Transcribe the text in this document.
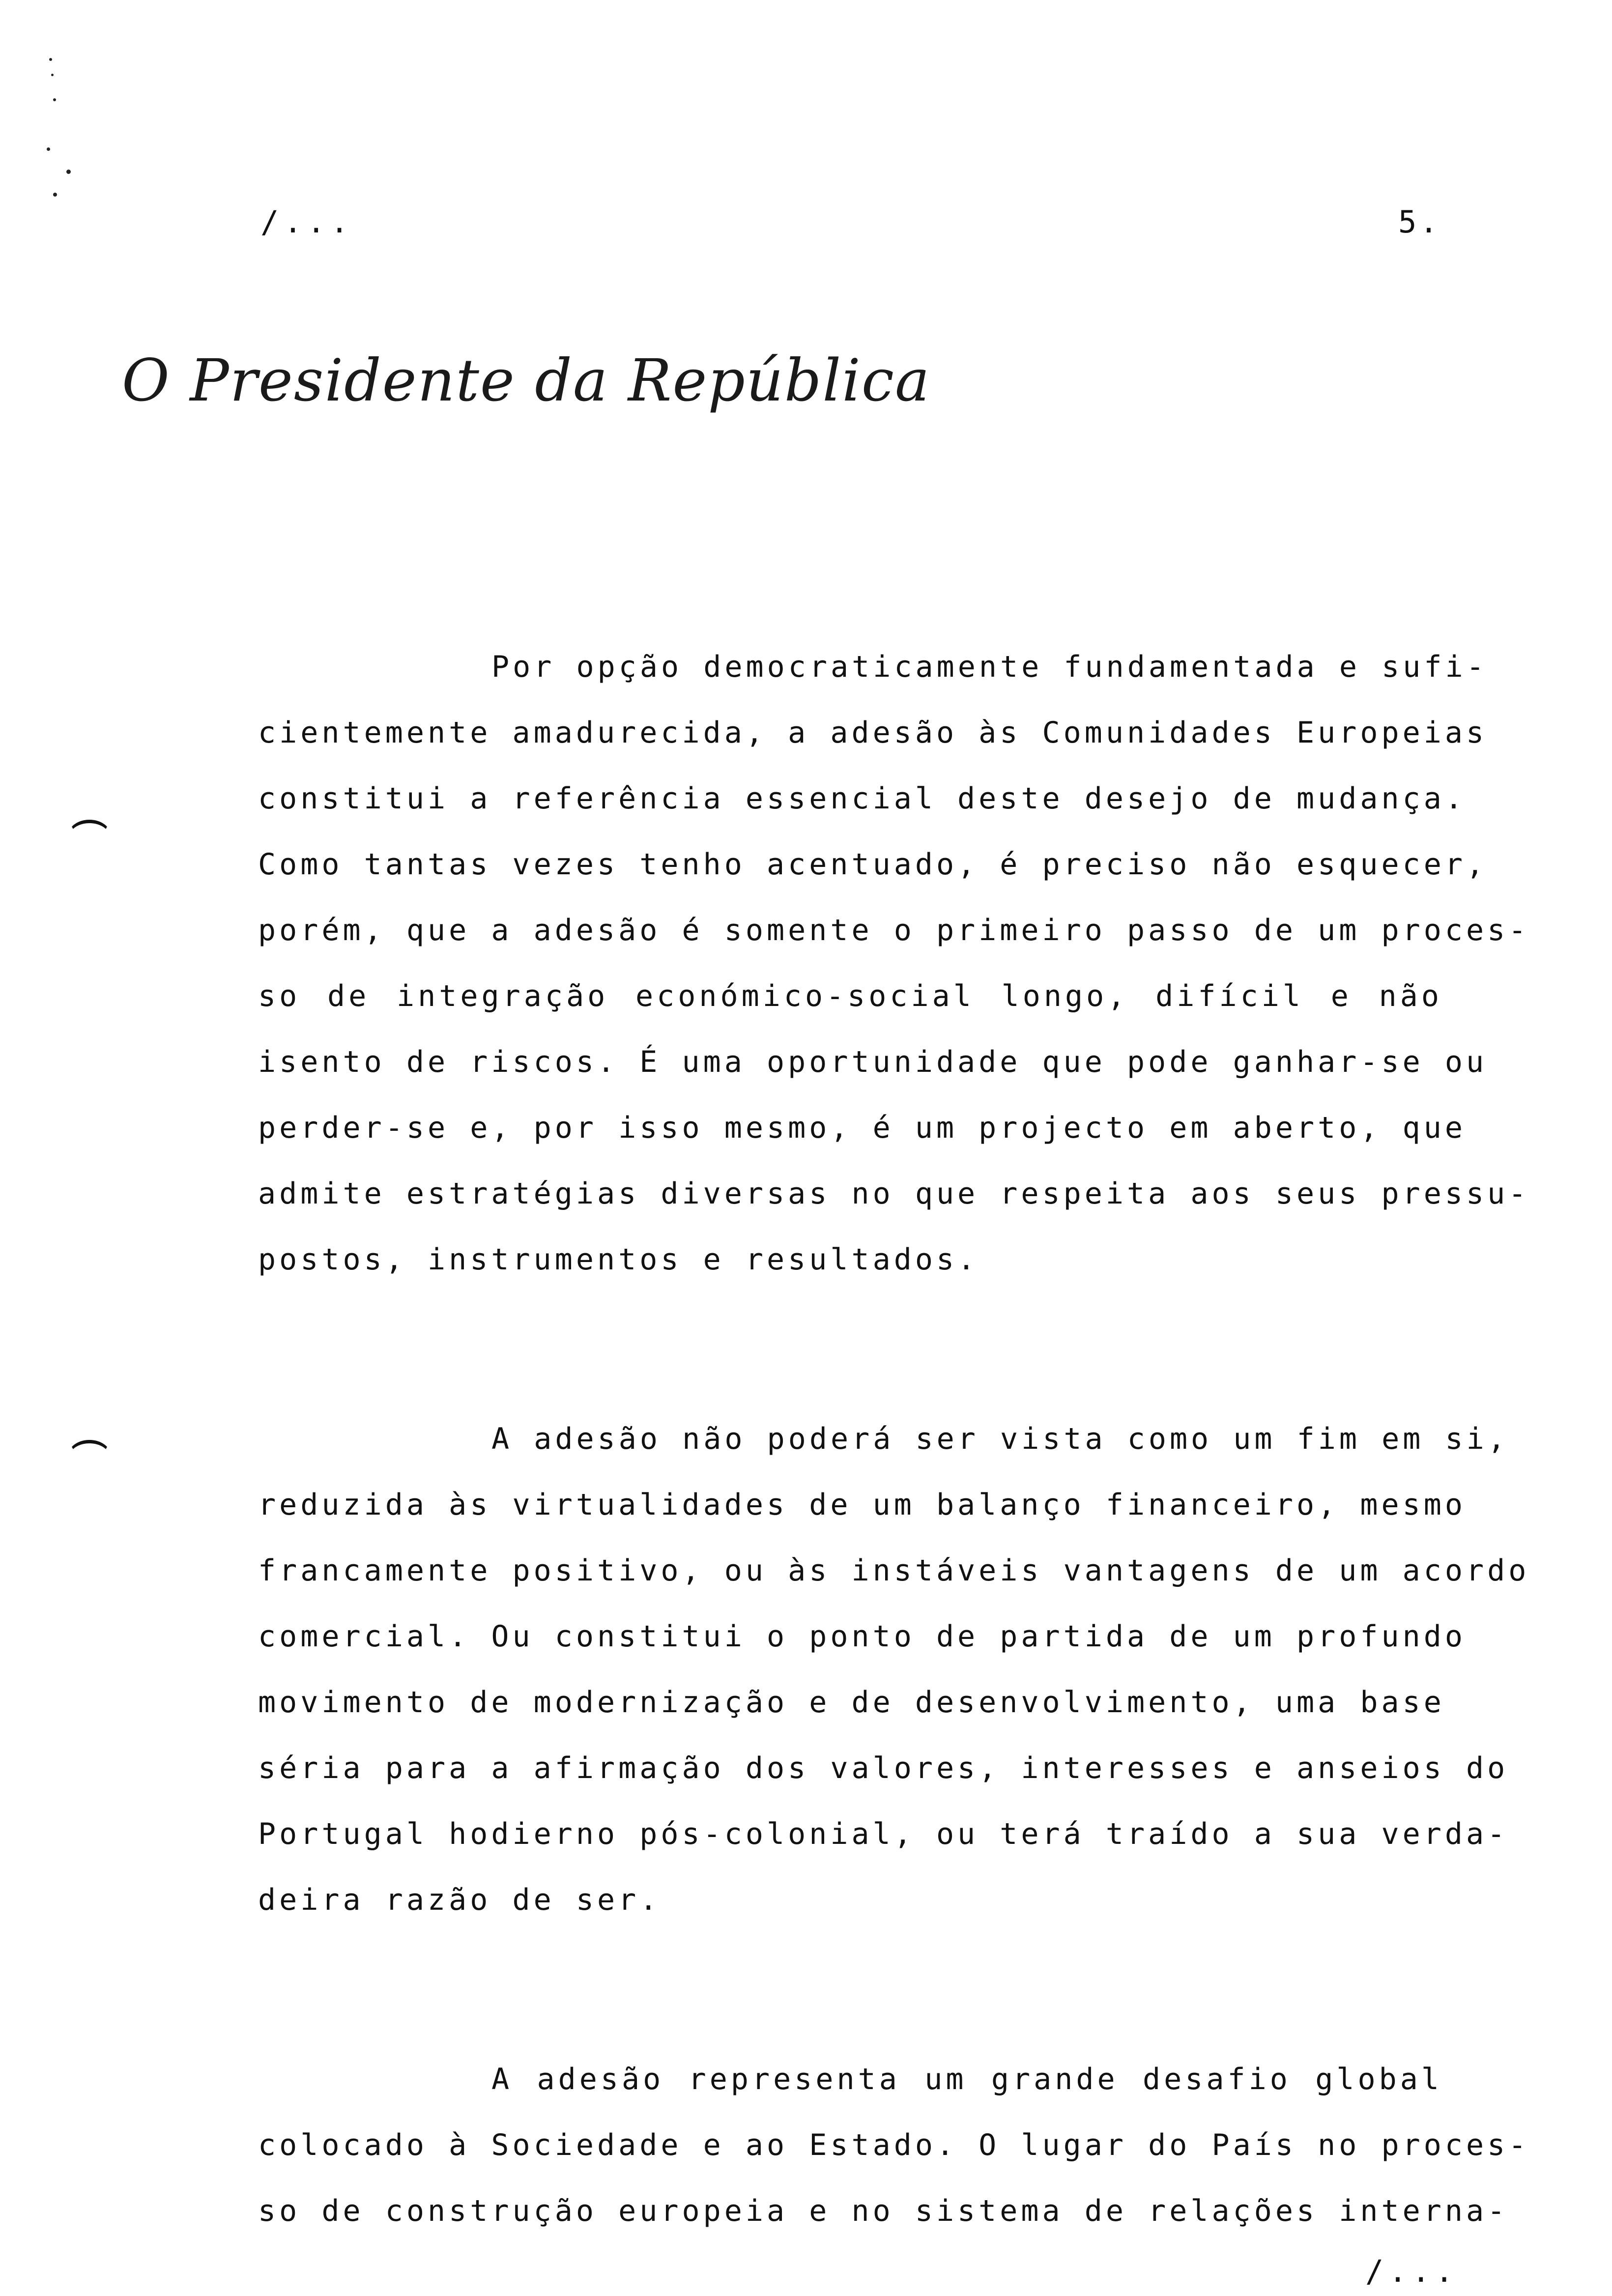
/...	5.
O Presidente da República

Por opção democraticamente fundamentada e sufi-
cientemente amadurecida, a adesão às Comunidades Europeias
constitui a referência essencial deste desejo de mudança.
Como tantas vezes tenho acentuado, é preciso não esquecer,
porém, que a adesão é somente o primeiro passo de um proces-
so de integração económico-social longo, difícil e não
isento de riscos. É uma oportunidade que pode ganhar-se ou
perder-se e, por isso mesmo, é um projecto em aberto, que
admite estratégias diversas no que respeita aos seus pressu-
postos, instrumentos e resultados.

A adesão não poderá ser vista como um fim em si,
reduzida às virtualidades de um balanço financeiro, mesmo
francamente positivo, ou às instáveis vantagens de um acordo
comercial. Ou constitui o ponto de partida de um profundo
movimento de modernização e de desenvolvimento, uma base
séria para a afirmação dos valores, interesses e anseios do
Portugal hodierno pós-colonial, ou terá traído a sua verda-
deira razão de ser.

A adesão representa um grande desafio global
colocado à Sociedade e ao Estado. O lugar do País no proces-
so de construção europeia e no sistema de relações interna-

/...
